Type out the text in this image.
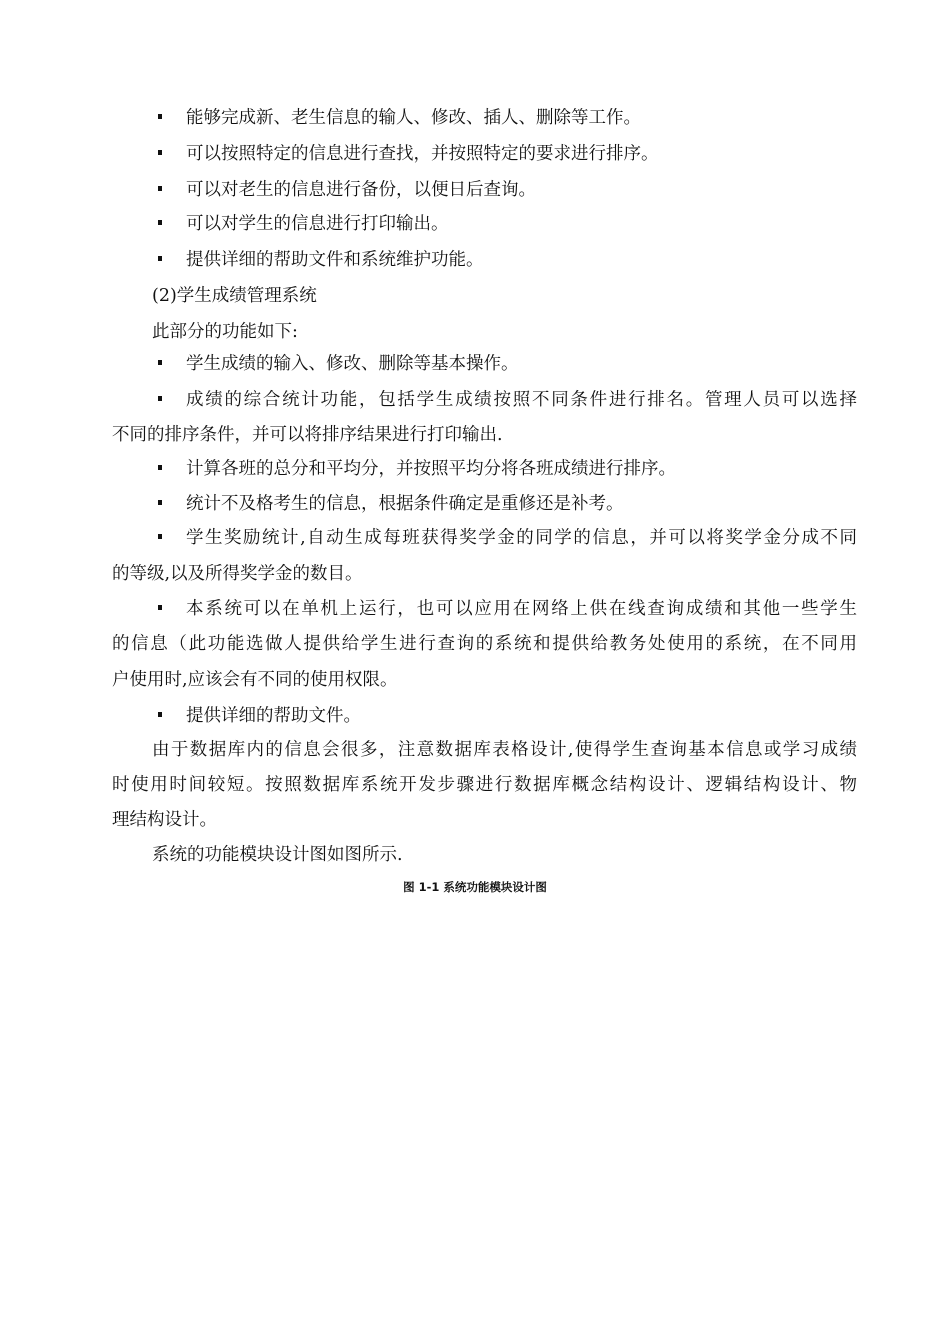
能够完成新、老生信息的输人、修改、插人、删除等工作。
可以按照特定的信息进行查找，并按照特定的要求进行排序。
可以对老生的信息进行备份，以便日后查询。
可以对学生的信息进行打印输出。
提供详细的帮助文件和系统维护功能。
(2)学生成绩管理系统
此部分的功能如下:
学生成绩的输入、修改、删除等基本操作。
成绩的综合统计功能，包括学生成绩按照不同条件进行排名。管理人员可以选择
不同的排序条件，并可以将排序结果进行打印输出.
计算各班的总分和平均分，并按照平均分将各班成绩进行排序。
统计不及格考生的信息，根据条件确定是重修还是补考。
学生奖励统计,自动生成每班获得奖学金的同学的信息，并可以将奖学金分成不同
的等级,以及所得奖学金的数目。
本系统可以在单机上运行，也可以应用在网络上供在线查询成绩和其他一些学生
的信息（此功能选做人提供给学生进行查询的系统和提供给教务处使用的系统，在不同用
户使用时,应该会有不同的使用权限。
提供详细的帮助文件。
由于数据库内的信息会很多，注意数据库表格设计,使得学生查询基本信息或学习成绩
时使用时间较短。按照数据库系统开发步骤进行数据库概念结构设计、逻辑结构设计、物
理结构设计。
系统的功能模块设计图如图所示.
图 1-1 系统功能模块设计图
